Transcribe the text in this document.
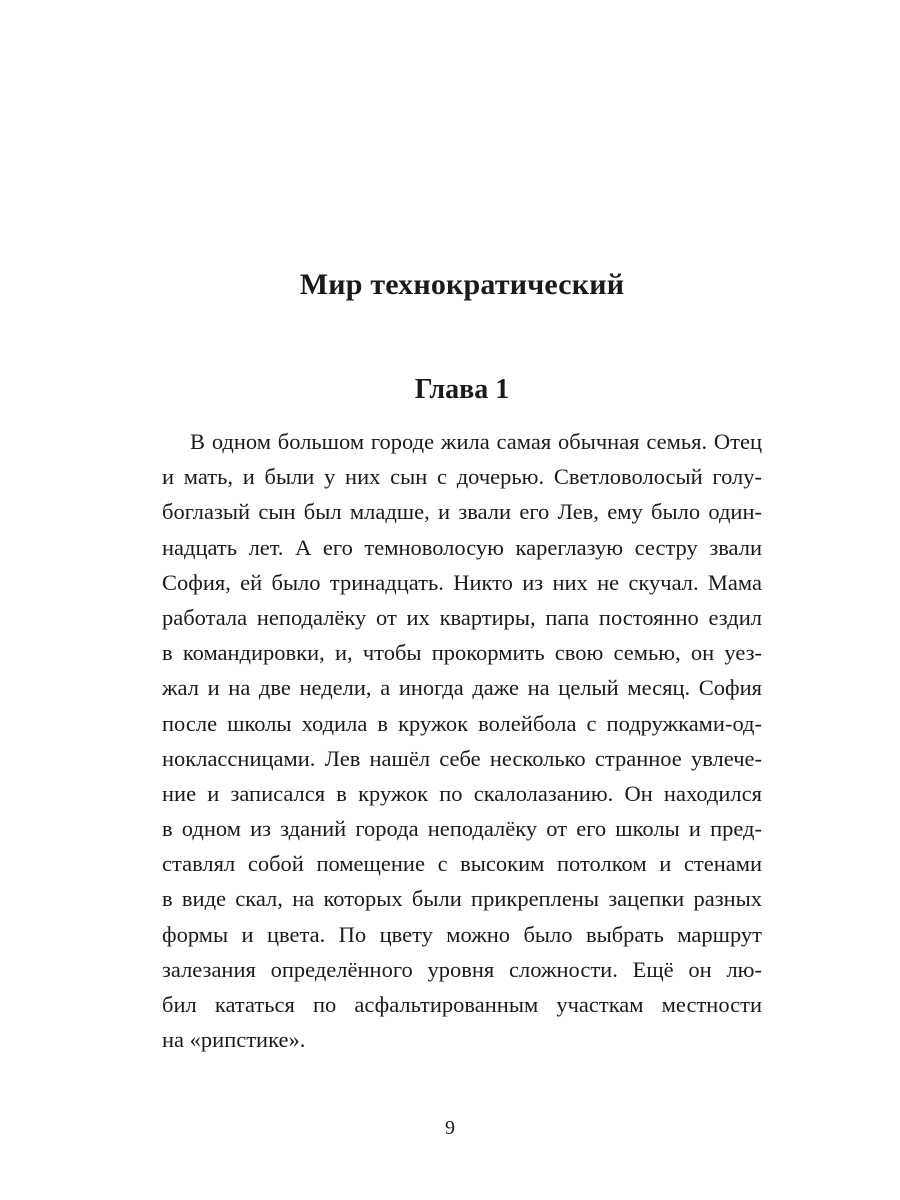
Мир технократический
Глава 1
В одном большом городе жила самая обычная семья. Отец
и мать, и были у них сын с дочерью. Светловолосый голу-
боглазый сын был младше, и звали его Лев, ему было один-
надцать лет. А его темноволосую кареглазую сестру звали
София, ей было тринадцать. Никто из них не скучал. Мама
работала неподалёку от их квартиры, папа постоянно ездил
в командировки, и, чтобы прокормить свою семью, он уез-
жал и на две недели, а иногда даже на целый месяц. София
после школы ходила в кружок волейбола с подружками-од-
ноклассницами. Лев нашёл себе несколько странное увлече-
ние и записался в кружок по скалолазанию. Он находился
в одном из зданий города неподалёку от его школы и пред-
ставлял собой помещение с высоким потолком и стенами
в виде скал, на которых были прикреплены зацепки разных
формы и цвета. По цвету можно было выбрать маршрут
залезания определённого уровня сложности. Ещё он лю-
бил кататься по асфальтированным участкам местности
на «рипстике».
9
